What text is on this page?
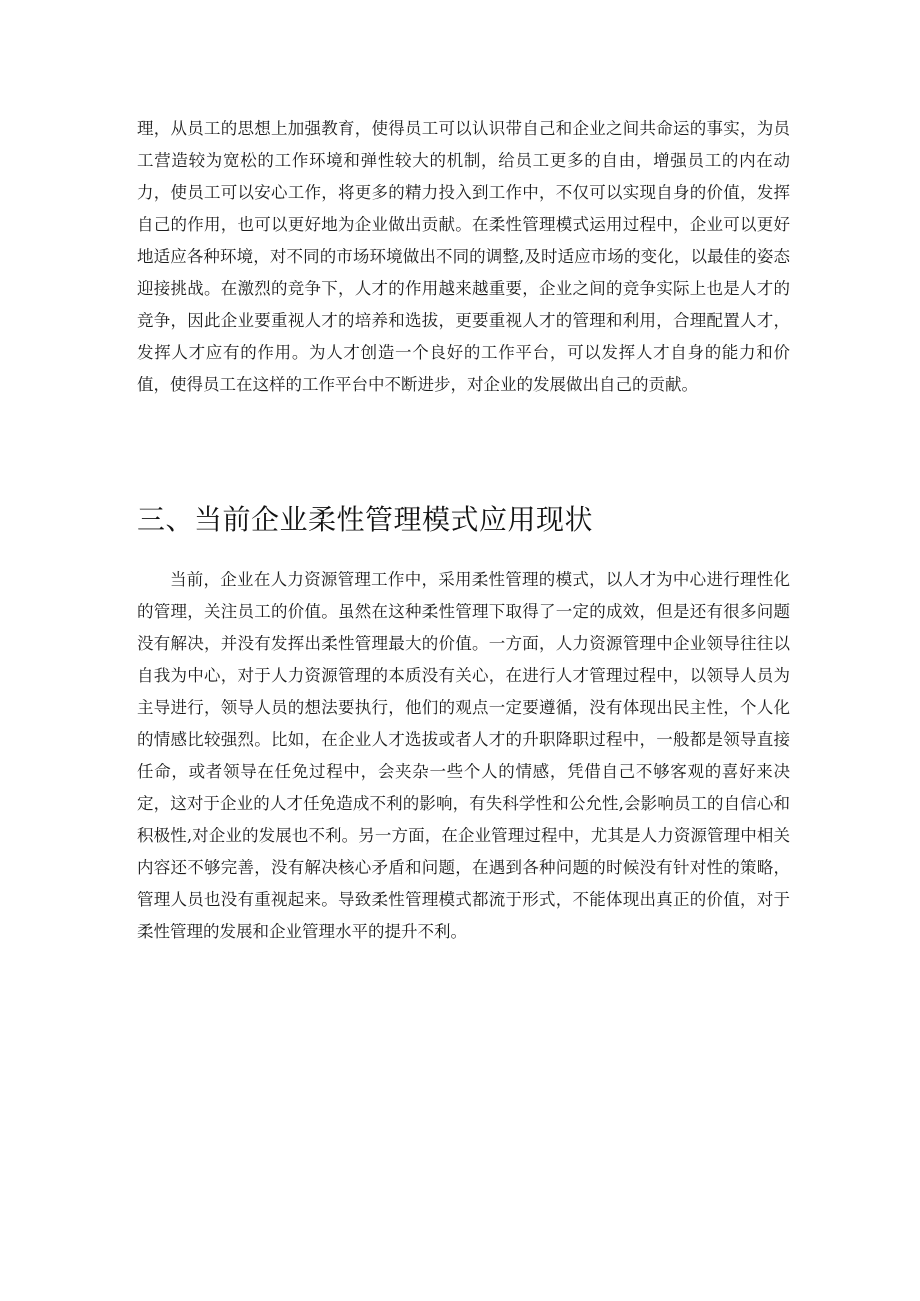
理，从员工的思想上加强教育，使得员工可以认识带自己和企业之间共命运的事实，为员工营造较为宽松的工作环境和弹性较大的机制，给员工更多的自由，增强员工的内在动力，使员工可以安心工作，将更多的精力投入到工作中，不仅可以实现自身的价值，发挥自己的作用，也可以更好地为企业做出贡献。在柔性管理模式运用过程中，企业可以更好地适应各种环境，对不同的市场环境做出不同的调整,及时适应市场的变化，以最佳的姿态迎接挑战。在激烈的竞争下，人才的作用越来越重要，企业之间的竞争实际上也是人才的竞争，因此企业要重视人才的培养和选拔，更要重视人才的管理和利用，合理配置人才，发挥人才应有的作用。为人才创造一个良好的工作平台，可以发挥人才自身的能力和价值，使得员工在这样的工作平台中不断进步，对企业的发展做出自己的贡献。

三、当前企业柔性管理模式应用现状

当前，企业在人力资源管理工作中，采用柔性管理的模式，以人才为中心进行理性化的管理，关注员工的价值。虽然在这种柔性管理下取得了一定的成效，但是还有很多问题没有解决，并没有发挥出柔性管理最大的价值。一方面，人力资源管理中企业领导往往以自我为中心，对于人力资源管理的本质没有关心，在进行人才管理过程中，以领导人员为主导进行，领导人员的想法要执行，他们的观点一定要遵循，没有体现出民主性，个人化的情感比较强烈。比如，在企业人才选拔或者人才的升职降职过程中，一般都是领导直接任命，或者领导在任免过程中，会夹杂一些个人的情感，凭借自己不够客观的喜好来决定，这对于企业的人才任免造成不利的影响，有失科学性和公允性,会影响员工的自信心和积极性,对企业的发展也不利。另一方面，在企业管理过程中，尤其是人力资源管理中相关内容还不够完善，没有解决核心矛盾和问题，在遇到各种问题的时候没有针对性的策略，管理人员也没有重视起来。导致柔性管理模式都流于形式，不能体现出真正的价值，对于柔性管理的发展和企业管理水平的提升不利。
